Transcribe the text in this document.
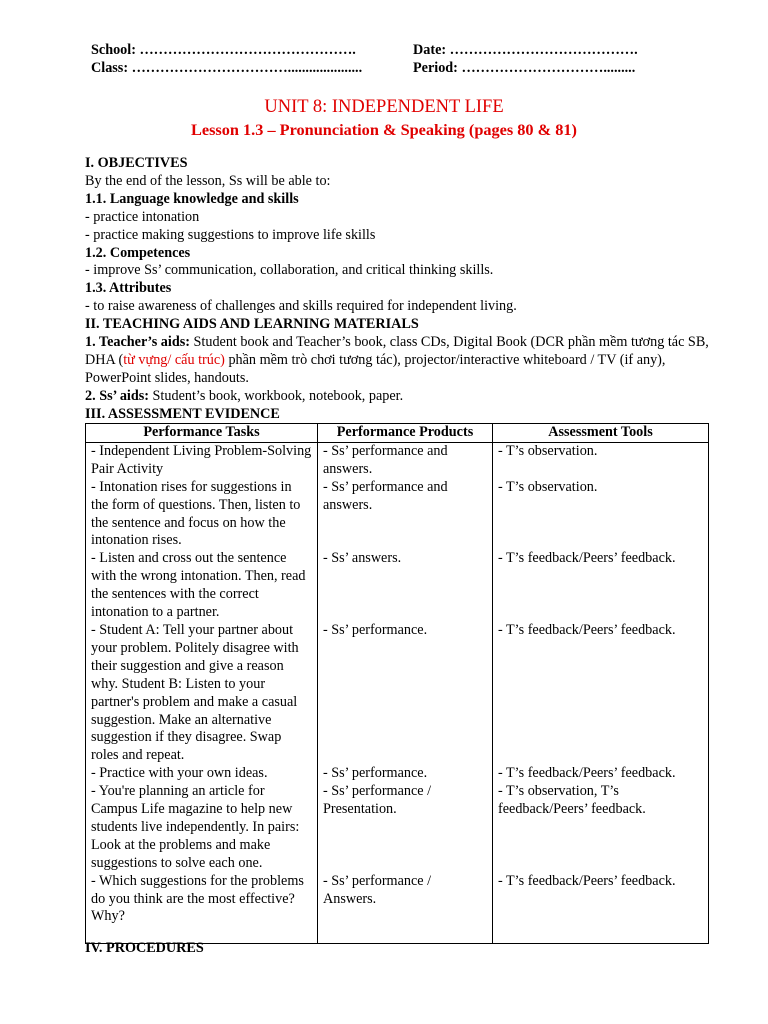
School: ……………………………………….	Date: ………………………………….
Class: …………………………….....................	Period: ………………………….........
UNIT 8: INDEPENDENT LIFE
Lesson 1.3 – Pronunciation & Speaking (pages 80 & 81)

I. OBJECTIVES

By the end of the lesson, Ss will be able to:

1.1. Language knowledge and skills

- practice intonation

- practice making suggestions to improve life skills

1.2. Competences

- improve Ss’ communication, collaboration, and critical thinking skills.

1.3. Attributes

- to raise awareness of challenges and skills required for independent living.

II. TEACHING AIDS AND LEARNING MATERIALS

1. Teacher’s aids: Student book and Teacher’s book, class CDs, Digital Book (DCR phần mềm tương tác SB, DHA (từ vựng/ cấu trúc) phần mềm trò chơi tương tác), projector/interactive whiteboard / TV (if any), PowerPoint slides, handouts.

2. Ss’ aids: Student’s book, workbook, notebook, paper.

III. ASSESSMENT EVIDENCE

Performance Tasks	Performance Products	Assessment Tools
- Independent Living Problem-Solving Pair Activity	- Ss’ performance and answers.	- T’s observation.
- Intonation rises for suggestions in the form of questions. Then, listen to the sentence and focus on how the intonation rises.	- Ss’ performance and answers.	- T’s observation.
- Listen and cross out the sentence with the wrong intonation. Then, read the sentences with the correct intonation to a partner.	- Ss’ answers.	- T’s feedback/Peers’ feedback.
- Student A: Tell your partner about your problem. Politely disagree with their suggestion and give a reason why. Student B: Listen to your partner's problem and make a casual suggestion. Make an alternative suggestion if they disagree. Swap roles and repeat.	- Ss’ performance.	- T’s feedback/Peers’ feedback.
- Practice with your own ideas.	- Ss’ performance.	- T’s feedback/Peers’ feedback.
- You're planning an article for Campus Life magazine to help new students live independently. In pairs: Look at the problems and make suggestions to solve each one.	- Ss’ performance / Presentation.	- T’s observation, T’s feedback/Peers’ feedback.
- Which suggestions for the problems do you think are the most effective? Why?	- Ss’ performance / Answers.	- T’s feedback/Peers’ feedback.
IV. PROCEDURES
